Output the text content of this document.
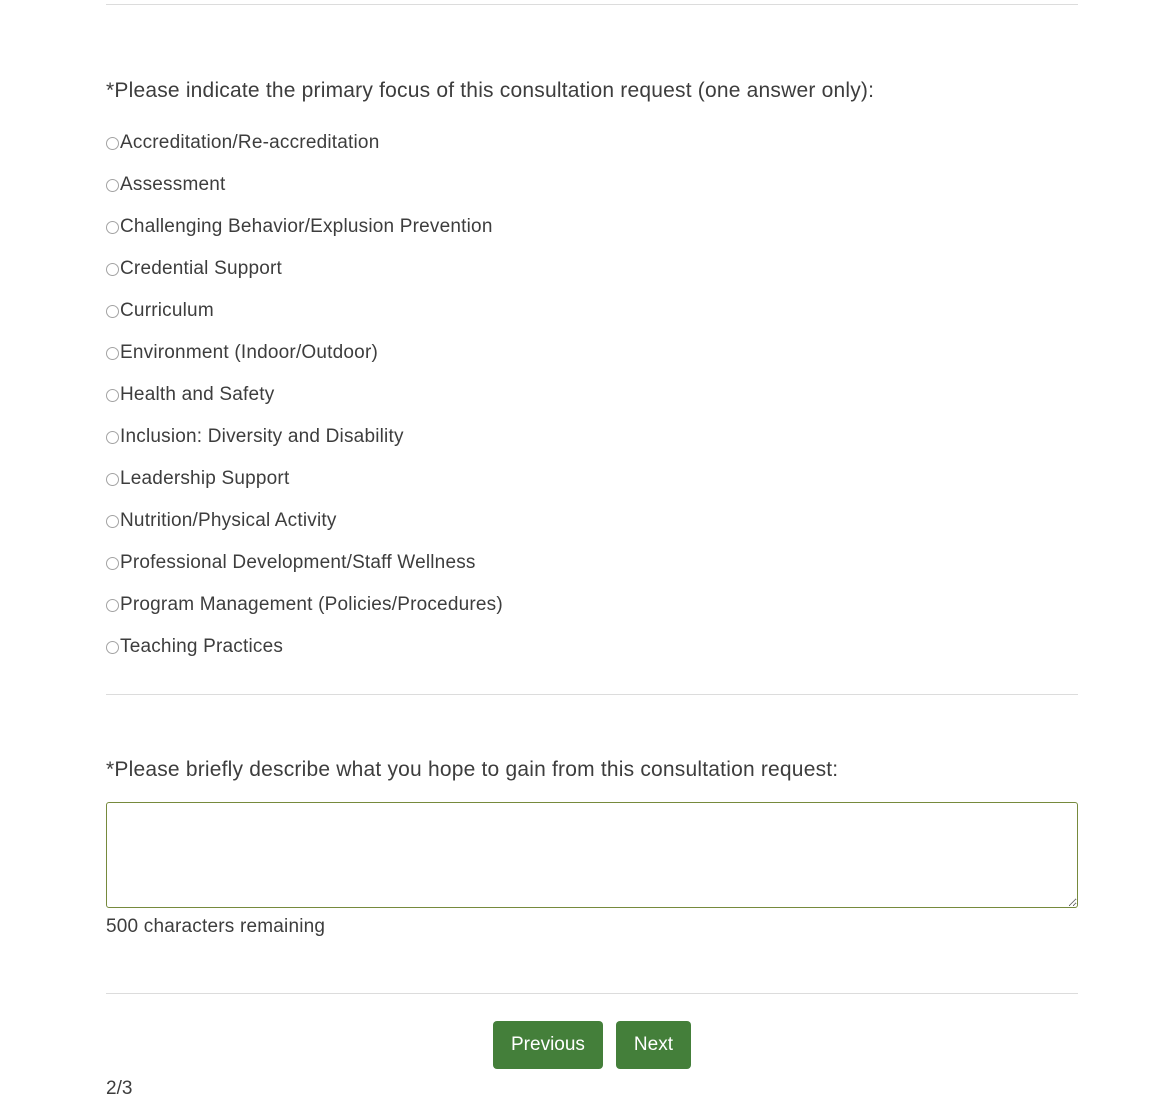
*Please indicate the primary focus of this consultation request (one answer only):
Accreditation/Re-accreditation
Assessment
Challenging Behavior/Explusion Prevention
Credential Support
Curriculum
Environment (Indoor/Outdoor)
Health and Safety
Inclusion: Diversity and Disability
Leadership Support
Nutrition/Physical Activity
Professional Development/Staff Wellness
Program Management (Policies/Procedures)
Teaching Practices
*Please briefly describe what you hope to gain from this consultation request:
500 characters remaining
Previous	Next
2/3
